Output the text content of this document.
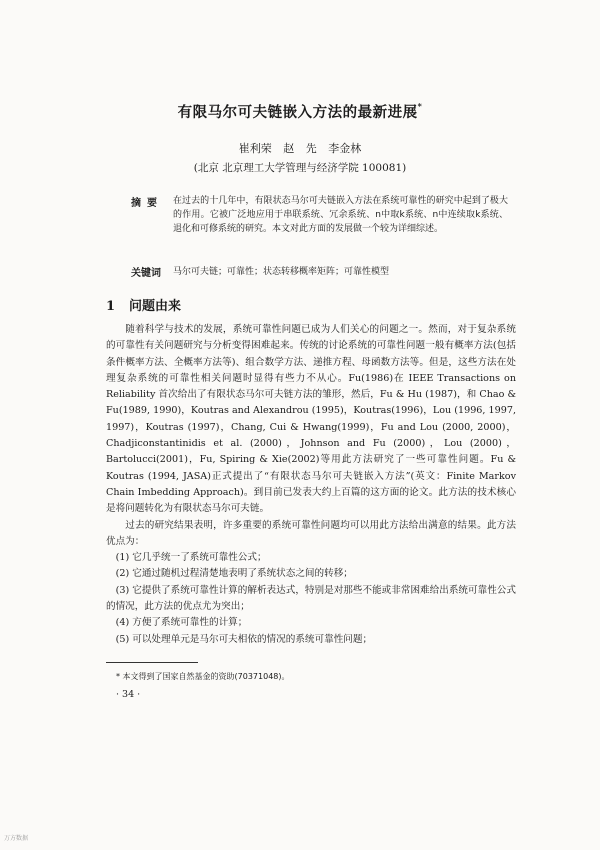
有限马尔可夫链嵌入方法的最新进展*
崔利荣 赵 先 李金林
(北京 北京理工大学管理与经济学院 100081)
摘要 在过去的十几年中，有限状态马尔可夫链嵌入方法在系统可靠性的研究中起到了极大的作用。它被广泛地应用于串联系统、冗余系统、n中取k系统、n中连续取k系统、退化和可修系统的研究。本文对此方面的发展做一个较为详细综述。
关键词 马尔可夫链；可靠性；状态转移概率矩阵；可靠性模型
1 问题由来

随着科学与技术的发展，系统可靠性问题已成为人们关心的问题之一。然而，对于复杂系统的可靠性有关问题研究与分析变得困难起来。传统的讨论系统的可靠性问题一般有概率方法(包括条件概率方法、全概率方法等)、组合数学方法、递推方程、母函数方法等。但是，这些方法在处理复杂系统的可靠性相关问题时显得有些力不从心。Fu(1986)在 IEEE Transactions on Reliability 首次给出了有限状态马尔可夫链方法的雏形，然后，Fu & Hu (1987)，和 Chao & Fu(1989, 1990)，Koutras and Alexandrou (1995)，Koutras(1996)，Lou (1996, 1997, 1997)，Koutras (1997)，Chang, Cui & Hwang(1999)，Fu and Lou (2000, 2000)，Chadjiconstantinidis et al. (2000)，Johnson and Fu (2000)，Lou (2000)，Bartolucci(2001)，Fu, Spiring & Xie(2002)等用此方法研究了一些可靠性问题。Fu & Koutras (1994, JASA)正式提出了“有限状态马尔可夫链嵌入方法”(英文：Finite Markov Chain Imbedding Approach)。到目前已发表大约上百篇的这方面的论文。此方法的技术核心是将问题转化为有限状态马尔可夫链。

过去的研究结果表明，许多重要的系统可靠性问题均可以用此方法给出满意的结果。此方法优点为：

(1) 它几乎统一了系统可靠性公式；

(2) 它通过随机过程清楚地表明了系统状态之间的转移；

(3) 它提供了系统可靠性计算的解析表达式，特别是对那些不能或非常困难给出系统可靠性公式的情况，此方法的优点尤为突出；

(4) 方便了系统可靠性的计算；

(5) 可以处理单元是马尔可夫相依的情况的系统可靠性问题；

* 本文得到了国家自然基金的资助(70371048)。
· 34 ·
万方数据
